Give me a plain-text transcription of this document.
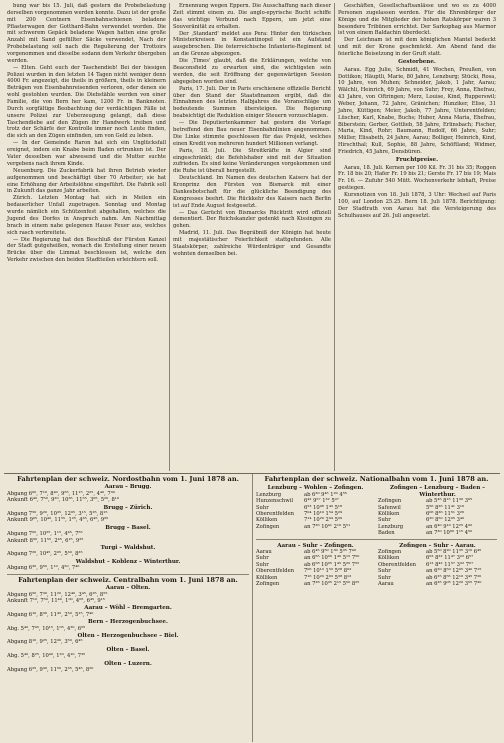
bung war bis 15. Juli, daß gestern die Probebelastung derselben vorgenommen werden konnte. Dazu ist der große mit 200 Centnern Eisenbahnschienen beladene Pflasterwagen der Gotthard-Bahn verwendet worden. Die mit schwerem Gepäck beladene Wagen hatten eine große Anzahl mit Sand gefüllter Säcke verwendet, Nach der Probebelastung soll nach die Regulierung der Trottoirs vorgenommen und dieselbe sodann dem Verkehr übergeben werden.

— Elten. Geht euch der Taschendieb! Bei der hiesigen Polizei wurden in den letzten 14 Tagen nicht weniger denn 4000 Fr. angezeigt, die theils in größern, theils in kleinern Beträgen von Eisenbahnreisenden verloren, oder denen sie wohl gestohlen wurden. Die Diebstähle werden von einer Familie, die von Bern her kam, 1200 Fr. in Banknoten. Durch sorgfältige Beobachtung der verdächtigen Fälle ist unsere Polizei zur Ueberzeugung gelangt, daß diese Taschendiebe auf den Zügen ihr Handwerk treiben und trotz der Schärfe der Kontrolle immer noch Leute finden, die sich an den Zügen einfinden, um von Geld zu leben.

— In der Gemeinde Raron hat sich ein Unglücksfall ereignet, indem ein Knabe beim Baden ertrunken ist. Der Vater desselben war abwesend und die Mutter suchte vergebens nach ihrem Kinde.

Neuenburg. Die Zuckerfabrik hat ihren Betrieb wieder aufgenommen und beschäftigt über 70 Arbeiter; sie hat eine Erhöhung der Arbeitslöhne eingeführt. Die Fabrik soll in Zukunft das ganze Jahr arbeiten.

Zürich. Letzten Montag hat sich in Meilen ein bedauerlicher Unfall zugetragen. Sonntag und Montag wurde nämlich ein Schützenfest abgehalten, welches die Jugend des Dorfes in Anspruch nahm. Am Nachmittag brach in einem nahe gelegenen Hause Feuer aus, welches sich rasch verbreitete.

— Die Regierung hat den Beschluß der Fürsten Kanzel der Stadt gutgeheißen, wonach die Erstellung einer neuen Brücke über die Limmat beschlossen ist, welche den Verkehr zwischen den beiden Stadtteilen erleichtern soll.

Ernennung wegen Eppern. Die Ausschaffung nach dieser Zeit stimmt einem zu. Die anglo-epyrische Bucht schiffe das wichtige Verbund nach Eppern, um jetzt eine Souveränität zu erhalten.

Der ,Standard' meldet aus Pera: Hinter den türkischen Ministerkreisen in Konstantinopel ist ein Aufstand ausgebrochen. Die österreichische Infanterie-Regiment ist an die Grenze abgezogen.

Die ,Times' glaubt, daß die Erklärungen, welche von Beaconsfield zu erwarten sind, die wichtigsten sein werden, die seit Eröffnung der gegenwärtigen Session abgegeben worden sind.

Paris, 17. Juli. Der in Paris erschienene offizielle Bericht über den Stand der Staatsfinanzen ergibt, daß die Einnahmen des letzten Halbjahres die Voranschläge um bedeutende Summen übersteigen. Die Regierung beabsichtigt die Reduktion einiger Steuern vorzuschlagen.

— Die Deputiertenkammer hat gestern die Vorlage betreffend den Bau neuer Eisenbahnlinien angenommen. Die Linke stimmte geschlossen für das Projekt, welches einen Kredit von mehreren hundert Millionen verlangt.

Paris, 18. Juli. Die Streitkräfte in Algier sind eingeschränkt; die Befehlshaber sind mit der Situation zufrieden. Es sind keine Veränderungen vorgekommen und die Ruhe ist überall hergestellt.

Deutschland. Im Namen des deutschen Kaisers hat der Kronprinz den Fürsten von Bismarck mit einer Dankesbotschaft für die glückliche Beendigung des Kongresses beehrt. Die Rückkehr des Kaisers nach Berlin ist auf Ende August festgesetzt.

— Das Gerücht von Bismarcks Rücktritt wird offiziell dementiert. Der Reichskanzler gedenkt nach Kissingen zu gehen.

Madrid, 11. Juli. Das Begräbniß der Königin hat heute mit majestätischer Feierlichkeit stattgefunden. Alle Staatskörper, zahlreiche Würdenträger und Gesandte wohnten demselben bei.

Geschäften, Gesellschaftsanlässe und wo es zu 4000 Personen zugelassen werden. Für die Ehrenbürger der Könige und die Mitglieder der hohen Ratskörper waren 3 besondere Tribünen errichtet. Der Sarkophag aus Marmor ist von einem Baldachin überdeckt.

Der Leichnam ist mit dem königlichen Mantel bedeckt und mit der Krone geschmückt. Am Abend fand die feierliche Beisetzung in der Gruft statt.

Gestorbene.

Aarau. Egg Julie, Schmidt, 41 Wochen, Preußen, von Dottikon; Häuptli, Marie, 80 Jahre, Lenzburg; Stücki, Rosa, 10 Jahre, von Muhen; Schneider, Jakob, 1 Jahr, Aarau; Wälchli, Heinrich, 69 Jahre, von Suhr; Frey, Anna, Ehefrau, 43 Jahre, von Oftringen; Merz, Louise, Kind, Rupperswil; Weber, Johann, 72 Jahre, Gränichen; Hunziker, Elise, 31 Jahre, Küttigen; Meier, Jakob, 77 Jahre, Unterentfelden; Lüscher, Karl, Knabe, Buchs; Huber, Anna Maria, Ehefrau, Biberstein; Gerber, Gottlieb, 58 Jahre, Erlinsbach; Fischer, Maria, Kind, Rohr; Baumann, Rudolf, 66 Jahre, Suhr; Müller, Elisabeth, 24 Jahre, Aarau; Bolliger, Heinrich, Kind, Hirschthal; Kull, Sophie, 88 Jahre, Schöftland; Widmer, Friedrich, 45 Jahre, Densbüren.

Fruchtpreise.

Aarau, 18. Juli. Kernen per 100 Kil. Fr. 31 bis 35; Roggen Fr. 18 bis 20; Hafer Fr. 19 bis 21; Gerste Fr. 17 bis 19; Mais Fr. 16. — Zufuhr 540 Mütt. Wochenverkehr lebhaft, Preise gestiegen.

Kursnotizen von 18. Juli 1878, 3 Uhr: Wechsel auf Paris 100, auf London 25.25. Bern 18. Juli 1878. Berichtigung: Der Stadtrath von Aarau hat die Versteigerung des Schulhauses auf 26. Juli angesetzt.

Fahrtenplan der schweiz. Nordostbahn vom 1. Juni 1878 an.
Aarau – Brugg.
Abgang 6⁰⁰, 7¹⁰, 8⁴⁰, 9⁵⁵, 11¹⁵, 2²⁵, 4⁴⁰, 7³⁰
Ankunft 6⁴⁰, 7⁵⁰, 9²⁰, 10³⁵, 11⁵⁵, 3⁰⁵, 5²⁰, 8¹⁰
Brugg – Zürich.
Abgang 7⁵⁰, 9²⁰, 10³⁵, 12⁰⁵, 3¹⁵, 5²⁵, 8¹⁵
Ankunft 9⁰⁵, 10⁴⁰, 11⁵⁵, 1²⁵, 4³⁵, 6⁴⁵, 9³⁵
Brugg – Basel.
Abgang 7⁰⁰, 10²⁵, 1¹⁵, 4⁴⁵, 7⁵⁵
Ankunft 8³⁰, 11⁵⁵, 2⁴⁵, 6¹⁵, 9²⁵
Turgi – Waldshut.
Abgang 7²⁰, 10⁴⁵, 2⁰⁵, 5³⁰, 8³⁵
Waldshut – Koblenz – Winterthur.
Abgang 6³⁰, 9⁵⁰, 1¹⁰, 4⁵⁰, 7⁴⁰
Fahrtenplan der schweiz. Centralbahn vom 1. Juni 1878 an.
Aarau – Olten.
Abgang 6⁵⁰, 7³⁰, 11²⁰, 12⁴⁰, 3⁴⁵, 6²⁵, 8⁵⁵
Ankunft 7¹⁰, 7⁵⁰, 11⁴⁰, 1⁰⁰, 4⁰⁵, 6⁴⁵, 9¹⁵
Aarau – Wöhl – Bremgarten.
Abgang 6¹⁰, 8³⁰, 11⁴⁵, 2⁵⁰, 5¹⁵, 7⁴⁰
Bern – Herzogenbuchsee.
Abg. 5⁴⁰, 7⁴⁵, 10¹⁵, 1⁰⁵, 4²⁰, 6⁵⁵
Olten – Herzogenbuchsee – Biel.
Abgang 8¹⁰, 9²⁵, 12³⁰, 3⁵⁰, 6⁴⁵
Olten – Basel.
Abg. 5⁴⁰, 8²⁵, 10⁴⁰, 1²⁰, 4¹⁰, 7³⁵
Olten – Luzern.
Abgang 6²⁵, 9³⁰, 11⁵⁰, 2³⁵, 5⁴⁵, 8²⁰
Fahrtenplan der schweiz. Nationalbahn vom 1. Juni 1878 an.
Lenzburg – Wohlen – Zofingen.
Lenzburg	ab 6³⁰ 9⁴⁵ 1²⁰ 4⁵⁵
Hunzenschwil	6⁴² 9⁵⁷ 1³² 5⁰⁷
Suhr	6⁵³ 10⁰⁸ 1⁴³ 5¹⁸
Oberentfelden	7⁰⁴ 10¹⁹ 1⁵⁴ 5²⁹
Kölliken	7¹⁴ 10²⁹ 2⁰⁴ 5³⁹
Zofingen	an 7²⁶ 10⁴¹ 2¹⁶ 5⁵¹
Zofingen – Lenzburg – Baden – Winterthur.
Zofingen	ab 5⁴⁵ 8¹⁵ 11³⁰ 3⁰⁵
Safenwil	5⁵⁶ 8²⁶ 11⁴¹ 3¹⁶
Kölliken	6⁰⁶ 8³⁶ 11⁵¹ 3²⁶
Suhr	6²⁰ 8⁵⁰ 12⁰⁵ 3⁴⁰
Lenzburg	an 6⁴⁰ 9¹⁰ 12²⁵ 4⁰⁰
Baden	an 7³⁰ 10⁰⁰ 1¹⁵ 4⁵⁰
Aarau – Suhr – Zofingen.
Aarau	ab 6⁴⁵ 9⁵⁰ 1³⁰ 5⁰⁵ 7⁴⁰
Suhr	an 6⁵⁵ 10⁰⁰ 1⁴⁰ 5¹⁵ 7⁵⁰
Suhr	ab 6⁵⁸ 10⁰⁵ 1⁴⁵ 5²⁰ 7⁵⁵
Oberentfelden	7⁰⁶ 10¹³ 1⁵³ 5²⁸ 8⁰³
Kölliken	7¹⁶ 10²³ 2⁰³ 5³⁸ 8¹³
Zofingen	an 7²⁸ 10³⁵ 2¹⁵ 5⁵⁰ 8²⁵
Zofingen – Suhr – Aarau.
Zofingen	ab 5⁵⁰ 8²⁰ 11³⁵ 3¹⁰ 6⁴⁵
Kölliken	6⁰² 8³² 11⁴⁷ 3²² 6⁵⁷
Oberentfelden	6¹² 8⁴² 11⁵⁷ 3³² 7⁰⁷
Suhr	an 6²⁰ 8⁵⁰ 12⁰⁵ 3⁴⁰ 7¹⁵
Suhr	ab 6²⁵ 8⁵⁵ 12¹⁰ 3⁴⁵ 7²⁰
Aarau	an 6³⁵ 9⁰⁵ 12²⁰ 3⁵⁵ 7³⁰
